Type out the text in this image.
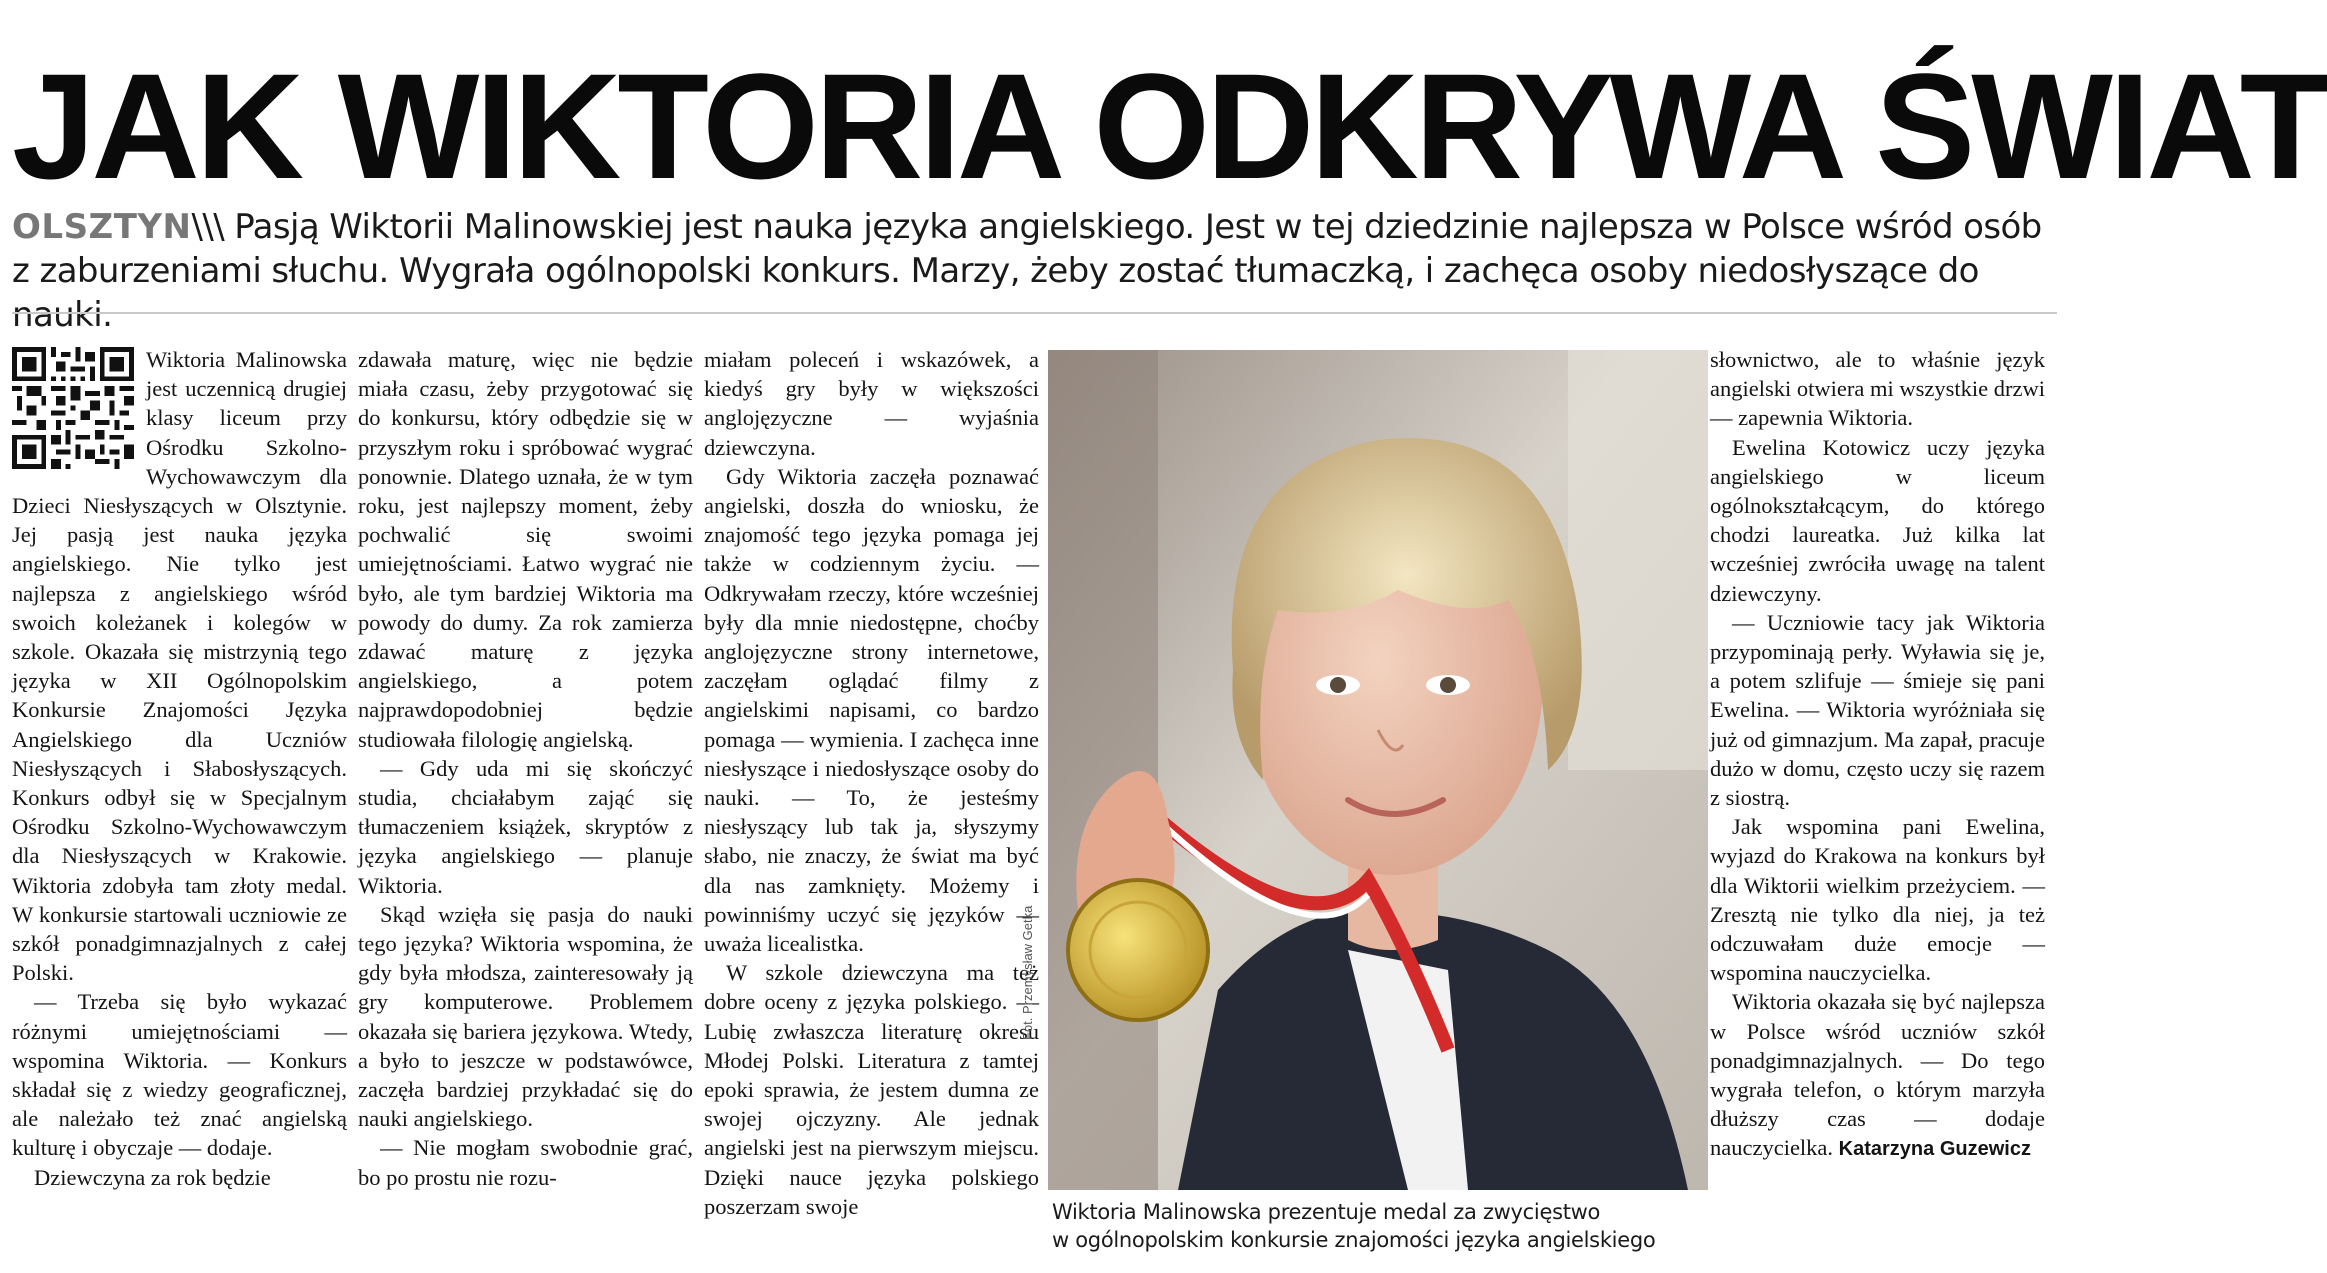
JAK WIKTORIA ODKRYWA ŚWIAT

OLSZTYN\\\ Pasją Wiktorii Malinowskiej jest nauka języka angielskiego. Jest w tej dziedzinie najlepsza w Polsce wśród osób z zaburzeniami słuchu. Wygrała ogólnopolski konkurs. Marzy, żeby zostać tłumaczką, i zachęca osoby niedosłyszące do nauki.

Wiktoria Malinowska jest uczennicą drugiej klasy liceum przy Ośrodku Szkolno-Wychowawczym dla Dzieci Niesłyszących w Olsztynie. Jej pasją jest nauka języka angielskiego. Nie tylko jest najlepsza z angielskiego wśród swoich koleżanek i kolegów w szkole. Okazała się mistrzynią tego języka w XII Ogólnopolskim Konkursie Znajomości Języka Angielskiego dla Uczniów Niesłyszących i Słabosłyszących. Konkurs odbył się w Specjalnym Ośrodku Szkolno-Wychowawczym dla Niesłyszących w Krakowie. Wiktoria zdobyła tam złoty medal. W konkursie startowali uczniowie ze szkół ponadgimnazjalnych z całej Polski.

— Trzeba się było wykazać różnymi umiejętnościami — wspomina Wiktoria. — Konkurs składał się z wiedzy geograficznej, ale należało też znać angielską kulturę i obyczaje — dodaje.

Dziewczyna za rok będzie

zdawała maturę, więc nie będzie miała czasu, żeby przygotować się do konkursu, który odbędzie się w przyszłym roku i spróbować wygrać ponownie. Dlatego uznała, że w tym roku, jest najlepszy moment, żeby pochwalić się swoimi umiejętnościami. Łatwo wygrać nie było, ale tym bardziej Wiktoria ma powody do dumy. Za rok zamierza zdawać maturę z języka angielskiego, a potem najprawdopodobniej będzie studiowała filologię angielską.

— Gdy uda mi się skończyć studia, chciałabym zająć się tłumaczeniem książek, skryptów z języka angielskiego — planuje Wiktoria.

Skąd wzięła się pasja do nauki tego języka? Wiktoria wspomina, że gdy była młodsza, zainteresowały ją gry komputerowe. Problemem okazała się bariera językowa. Wtedy, a było to jeszcze w podstawówce, zaczęła bardziej przykładać się do nauki angielskiego.

— Nie mogłam swobodnie grać, bo po prostu nie rozu-

miałam poleceń i wskazówek, a kiedyś gry były w większości anglojęzyczne — wyjaśnia dziewczyna.

Gdy Wiktoria zaczęła poznawać angielski, doszła do wniosku, że znajomość tego języka pomaga jej także w codziennym życiu. — Odkrywałam rzeczy, które wcześniej były dla mnie niedostępne, choćby anglojęzyczne strony internetowe, zaczęłam oglądać filmy z angielskimi napisami, co bardzo pomaga — wymienia. I zachęca inne niesłyszące i niedosłyszące osoby do nauki. — To, że jesteśmy niesłyszący lub tak ja, słyszymy słabo, nie znaczy, że świat ma być dla nas zamknięty. Możemy i powinniśmy uczyć się języków — uważa licealistka.

W szkole dziewczyna ma też dobre oceny z języka polskiego. — Lubię zwłaszcza literaturę okresu Młodej Polski. Literatura z tamtej epoki sprawia, że jestem dumna ze swojej ojczyzny. Ale jednak angielski jest na pierwszym miejscu. Dzięki nauce języka polskiego poszerzam swoje

Fot. Przemysław Getka

Wiktoria Malinowska prezentuje medal za zwycięstwo
w ogólnopolskim konkursie znajomości języka angielskiego

słownictwo, ale to właśnie język angielski otwiera mi wszystkie drzwi — zapewnia Wiktoria.

Ewelina Kotowicz uczy języka angielskiego w liceum ogólnokształcącym, do którego chodzi laureatka. Już kilka lat wcześniej zwróciła uwagę na talent dziewczyny.

— Uczniowie tacy jak Wiktoria przypominają perły. Wyławia się je, a potem szlifuje — śmieje się pani Ewelina. — Wiktoria wyróżniała się już od gimnazjum. Ma zapał, pracuje dużo w domu, często uczy się razem z siostrą.

Jak wspomina pani Ewelina, wyjazd do Krakowa na konkurs był dla Wiktorii wielkim przeżyciem. — Zresztą nie tylko dla niej, ja też odczuwałam duże emocje — wspomina nauczycielka.

Wiktoria okazała się być najlepsza w Polsce wśród uczniów szkół ponadgimnazjalnych. — Do tego wygrała telefon, o którym marzyła dłuższy czas — dodaje nauczycielka. Katarzyna Guzewicz
